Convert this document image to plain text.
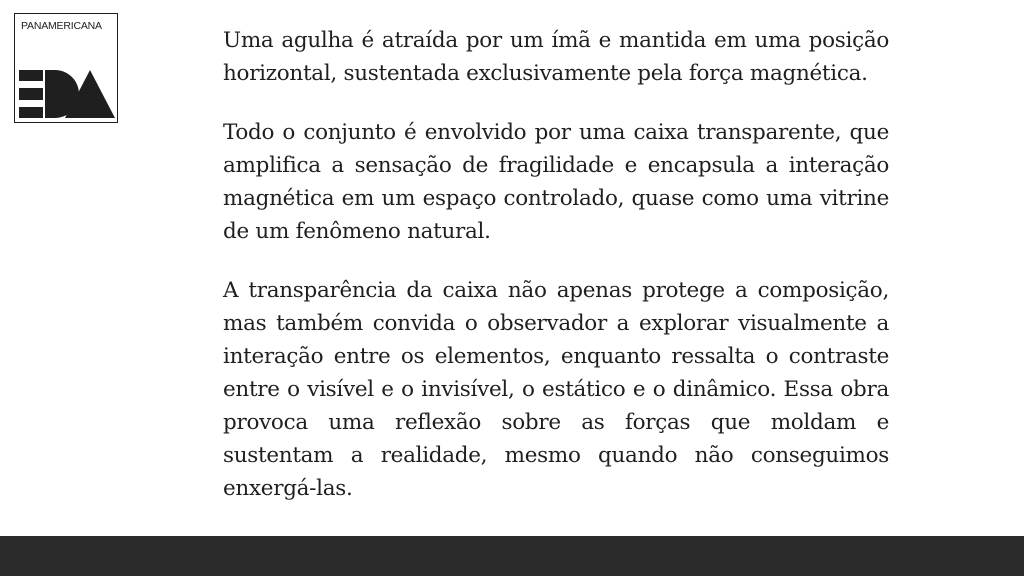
PANAMERICANA

Uma agulha é atraída por um ímã e mantida em uma posição horizontal, sustentada exclusivamente pela força magnética.

Todo o conjunto é envolvido por uma caixa transparente, que amplifica a sensação de fragilidade e encapsula a interação magnética em um espaço controlado, quase como uma vitrine de um fenômeno natural.

A transparência da caixa não apenas protege a composição, mas também convida o observador a explorar visualmente a interação entre os elementos, enquanto ressalta o contraste entre o visível e o invisível, o estático e o dinâmico. Essa obra provoca uma reflexão sobre as forças que moldam e sustentam a realidade, mesmo quando não conseguimos enxergá-las.
